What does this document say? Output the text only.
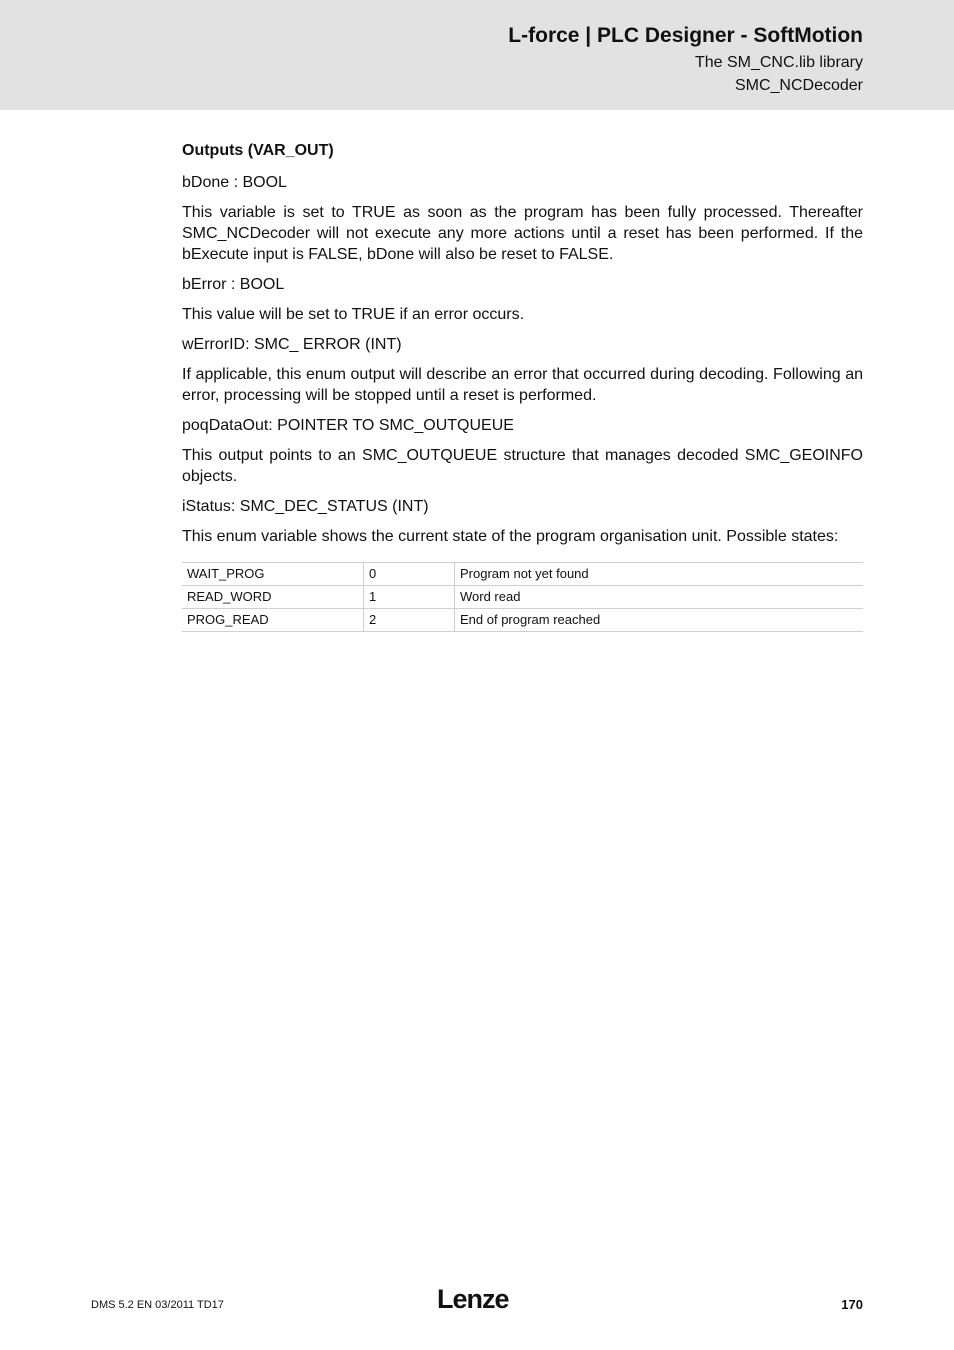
L-force | PLC Designer - SoftMotion
The SM_CNC.lib library
SMC_NCDecoder
Outputs (VAR_OUT)
bDone : BOOL
This variable is set to TRUE as soon as the program has been fully processed. Thereafter SMC_NCDecoder will not execute any more actions until a reset has been performed. If the bExecute input is FALSE, bDone will also be reset to FALSE.
bError : BOOL
This value will be set to TRUE if an error occurs.
wErrorID: SMC_ ERROR (INT)
If applicable, this enum output will describe an error that occurred during decoding. Following an error, processing will be stopped until a reset is performed.
poqDataOut: POINTER TO SMC_OUTQUEUE
This output points to an SMC_OUTQUEUE structure that manages decoded SMC_GEOINFO objects.
iStatus: SMC_DEC_STATUS (INT)
This enum variable shows the current state of the program organisation unit. Possible states:
WAIT_PROG	0	Program not yet found
READ_WORD	1	Word read
PROG_READ	2	End of program reached
DMS 5.2 EN 03/2011 TD17	Lenze	170
